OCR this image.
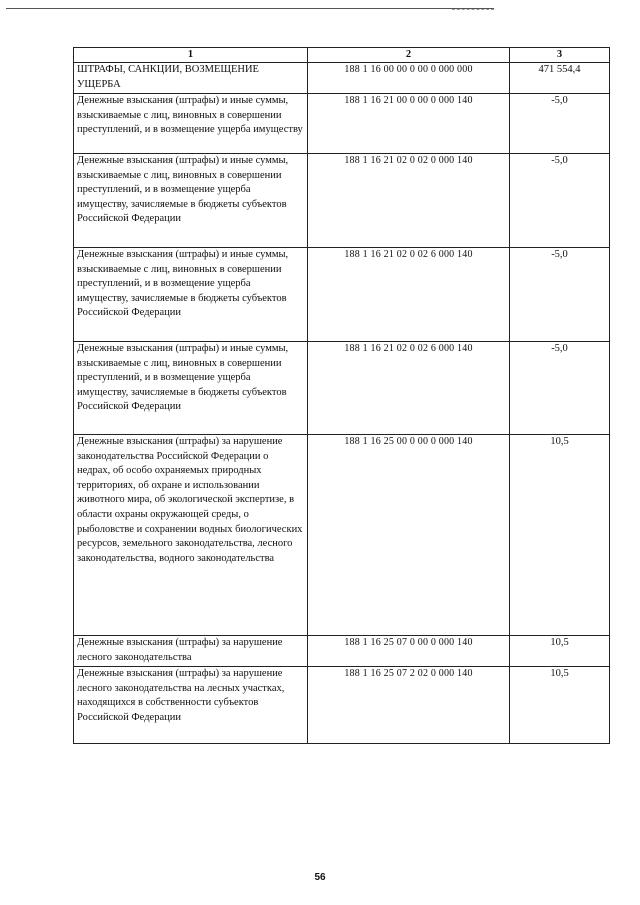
1	2	3
ШТРАФЫ, САНКЦИИ, ВОЗМЕЩЕНИЕ УЩЕРБА	188 1 16 00 00 0 00 0 000 000	471 554,4
Денежные взыскания (штрафы) и иные суммы, взыскиваемые с лиц, виновных в совершении преступлений, и в возмещение ущерба имуществу	188 1 16 21 00 0 00 0 000 140	-5,0
Денежные взыскания (штрафы) и иные суммы, взыскиваемые с лиц, виновных в совершении преступлений, и в возмещение ущерба имуществу, зачисляемые в бюджеты субъектов Российской Федерации	188 1 16 21 02 0 02 0 000 140	-5,0
Денежные взыскания (штрафы) и иные суммы, взыскиваемые с лиц, виновных в совершении преступлений, и в возмещение ущерба имуществу, зачисляемые в бюджеты субъектов Российской Федерации	188 1 16 21 02 0 02 6 000 140	-5,0
Денежные взыскания (штрафы) и иные суммы, взыскиваемые с лиц, виновных в совершении преступлений, и в возмещение ущерба имуществу, зачисляемые в бюджеты субъектов Российской Федерации	188 1 16 21 02 0 02 6 000 140	-5,0
Денежные взыскания (штрафы) за нарушение законодательства Российской Федерации о недрах, об особо охраняемых природных территориях, об охране и использовании животного мира, об экологической экспертизе, в области охраны окружающей среды, о рыболовстве и сохранении водных биологических ресурсов, земельного законодательства, лесного законодательства, водного законодательства	188 1 16 25 00 0 00 0 000 140	10,5
Денежные взыскания (штрафы) за нарушение лесного законодательства	188 1 16 25 07 0 00 0 000 140	10,5
Денежные взыскания (штрафы) за нарушение лесного законодательства на лесных участках, находящихся в собственности субъектов Российской Федерации	188 1 16 25 07 2 02 0 000 140	10,5
56
